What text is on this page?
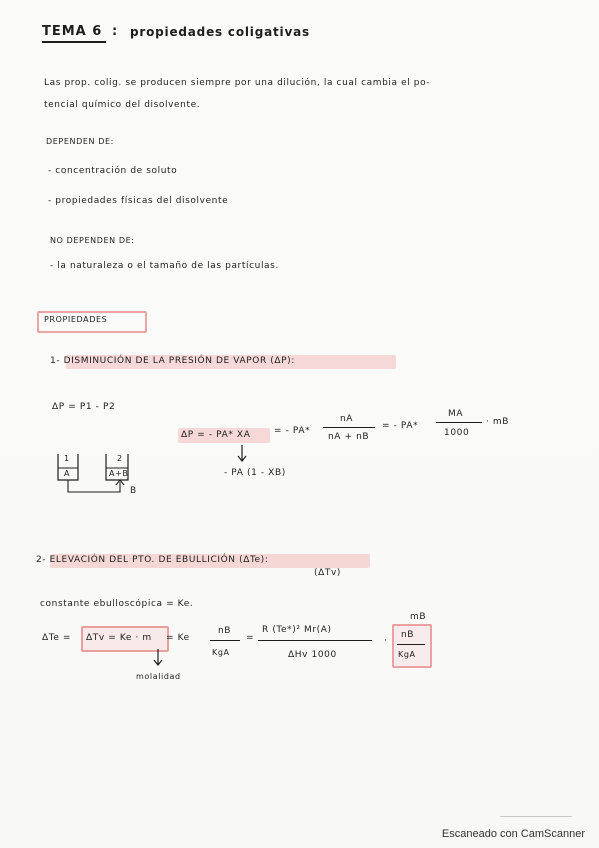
TEMA 6 : propiedades coligativas
Las prop. colig. se producen siempre por una dilución, la cual cambia el po-
tencial químico del disolvente.
DEPENDEN DE:
- concentración de soluto
- propiedades físicas del disolvente
NO DEPENDEN DE:
- la naturaleza o el tamaño de las partículas.
PROPIEDADES
1- DISMINUCIÓN DE LA PRESIÓN DE VAPOR (ΔP):
ΔP = P1 - P2
ΔP = - PA* XA	= - PA*
nA
nA + nB
= - PA*
MA
1000
· mB
- PA (1 - XB)
1
A
2
A+B
B
2- ELEVACIÓN DEL PTO. DE EBULLICIÓN (ΔTe):
(ΔTv)
constante ebulloscópica = Ke.
ΔTe = ΔTv = Ke · m = Ke
nB
KgA
=
R (Te*)² Mr(A)
ΔHv 1000
·
nB
KgA
mB
molalidad
Escaneado con CamScanner
